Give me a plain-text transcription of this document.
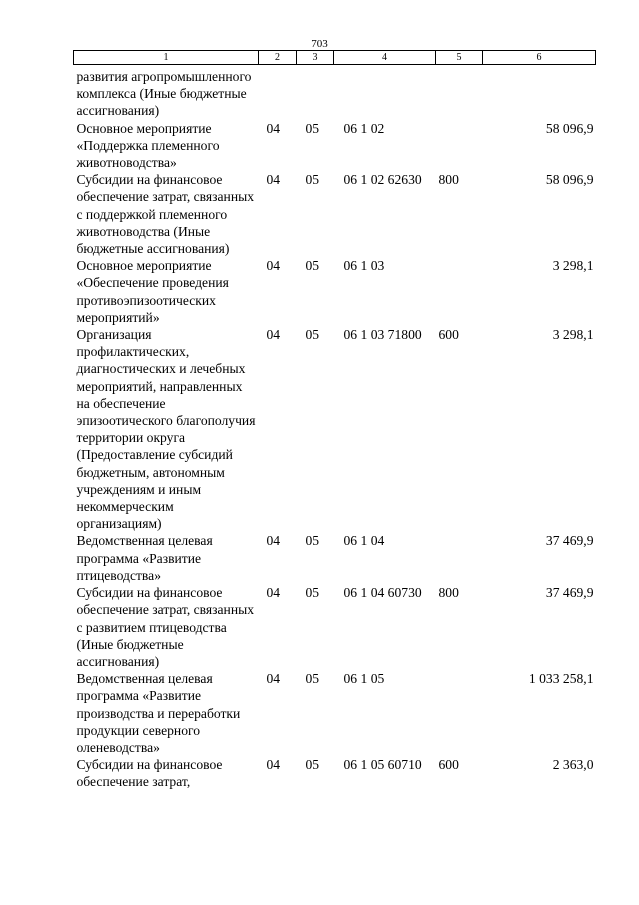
703
1	2	3	4	5	6
развития агропромышленного комплекса (Иные бюджетные ассигнования)					
Основное мероприятие «Поддержка племенного животноводства»	04	05	06 1 02		58 096,9
Субсидии на финансовое обеспечение затрат, связанных с поддержкой племенного животноводства (Иные бюджетные ассигнования)	04	05	06 1 02 62630	800	58 096,9
Основное мероприятие «Обеспечение проведения противоэпизоотических мероприятий»	04	05	06 1 03		3 298,1
Организация профилактических, диагностических и лечебных мероприятий, направленных на обеспечение эпизоотического благополучия территории округа (Предоставление субсидий бюджетным, автономным учреждениям и иным некоммерческим организациям)	04	05	06 1 03 71800	600	3 298,1
Ведомственная целевая программа «Развитие птицеводства»	04	05	06 1 04		37 469,9
Субсидии на финансовое обеспечение затрат, связанных с развитием птицеводства (Иные бюджетные ассигнования)	04	05	06 1 04 60730	800	37 469,9
Ведомственная целевая программа «Развитие производства и переработки продукции северного оленеводства»	04	05	06 1 05		1 033 258,1
Субсидии на финансовое обеспечение затрат,	04	05	06 1 05 60710	600	2 363,0
